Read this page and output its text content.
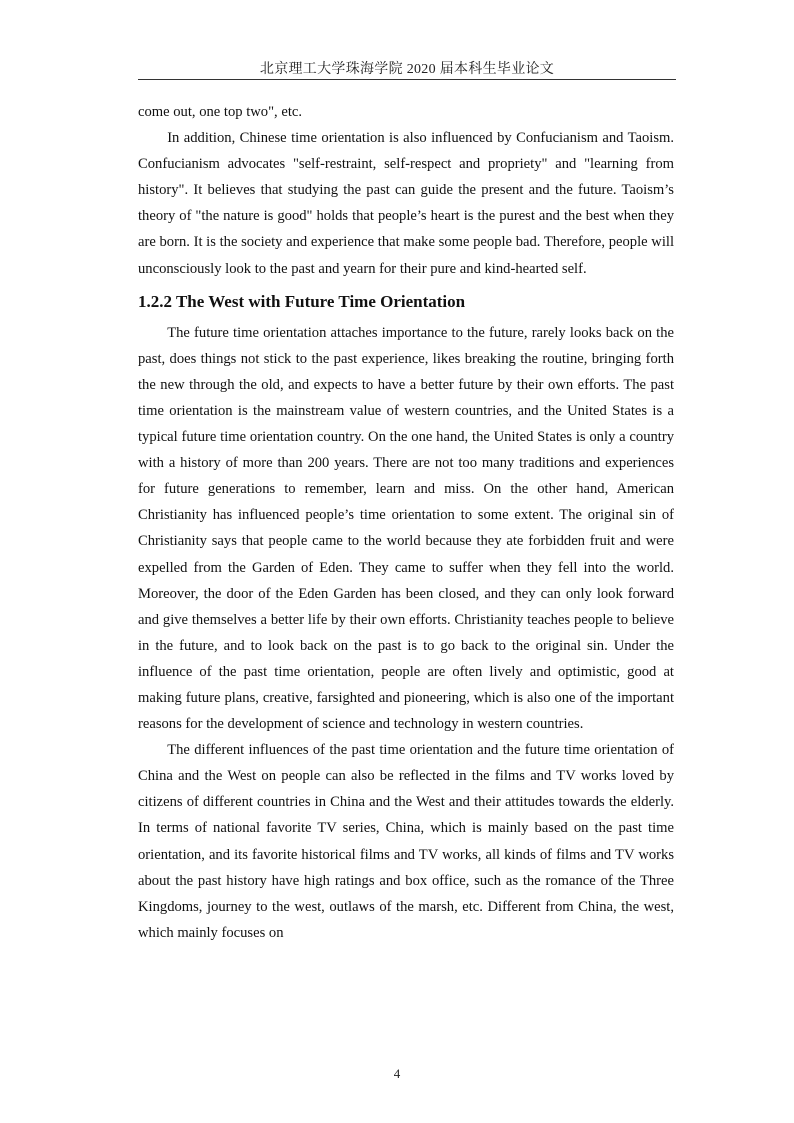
北京理工大学珠海学院 2020 届本科生毕业论文

come out, one top two", etc.

In addition, Chinese time orientation is also influenced by Confucianism and Taoism. Confucianism advocates "self-restraint, self-respect and propriety" and "learning from history". It believes that studying the past can guide the present and the future. Taoism’s theory of "the nature is good" holds that people’s heart is the purest and the best when they are born. It is the society and experience that make some people bad. Therefore, people will unconsciously look to the past and yearn for their pure and kind-hearted self.

1.2.2 The West with Future Time Orientation

The future time orientation attaches importance to the future, rarely looks back on the past, does things not stick to the past experience, likes breaking the routine, bringing forth the new through the old, and expects to have a better future by their own efforts. The past time orientation is the mainstream value of western countries, and the United States is a typical future time orientation country. On the one hand, the United States is only a country with a history of more than 200 years. There are not too many traditions and experiences for future generations to remember, learn and miss. On the other hand, American Christianity has influenced people’s time orientation to some extent. The original sin of Christianity says that people came to the world because they ate forbidden fruit and were expelled from the Garden of Eden. They came to suffer when they fell into the world. Moreover, the door of the Eden Garden has been closed, and they can only look forward and give themselves a better life by their own efforts. Christianity teaches people to believe in the future, and to look back on the past is to go back to the original sin. Under the influence of the past time orientation, people are often lively and optimistic, good at making future plans, creative, farsighted and pioneering, which is also one of the important reasons for the development of science and technology in western countries.

The different influences of the past time orientation and the future time orientation of China and the West on people can also be reflected in the films and TV works loved by citizens of different countries in China and the West and their attitudes towards the elderly. In terms of national favorite TV series, China, which is mainly based on the past time orientation, and its favorite historical films and TV works, all kinds of films and TV works about the past history have high ratings and box office, such as the romance of the Three Kingdoms, journey to the west, outlaws of the marsh, etc. Different from China, the west, which mainly focuses on

4
